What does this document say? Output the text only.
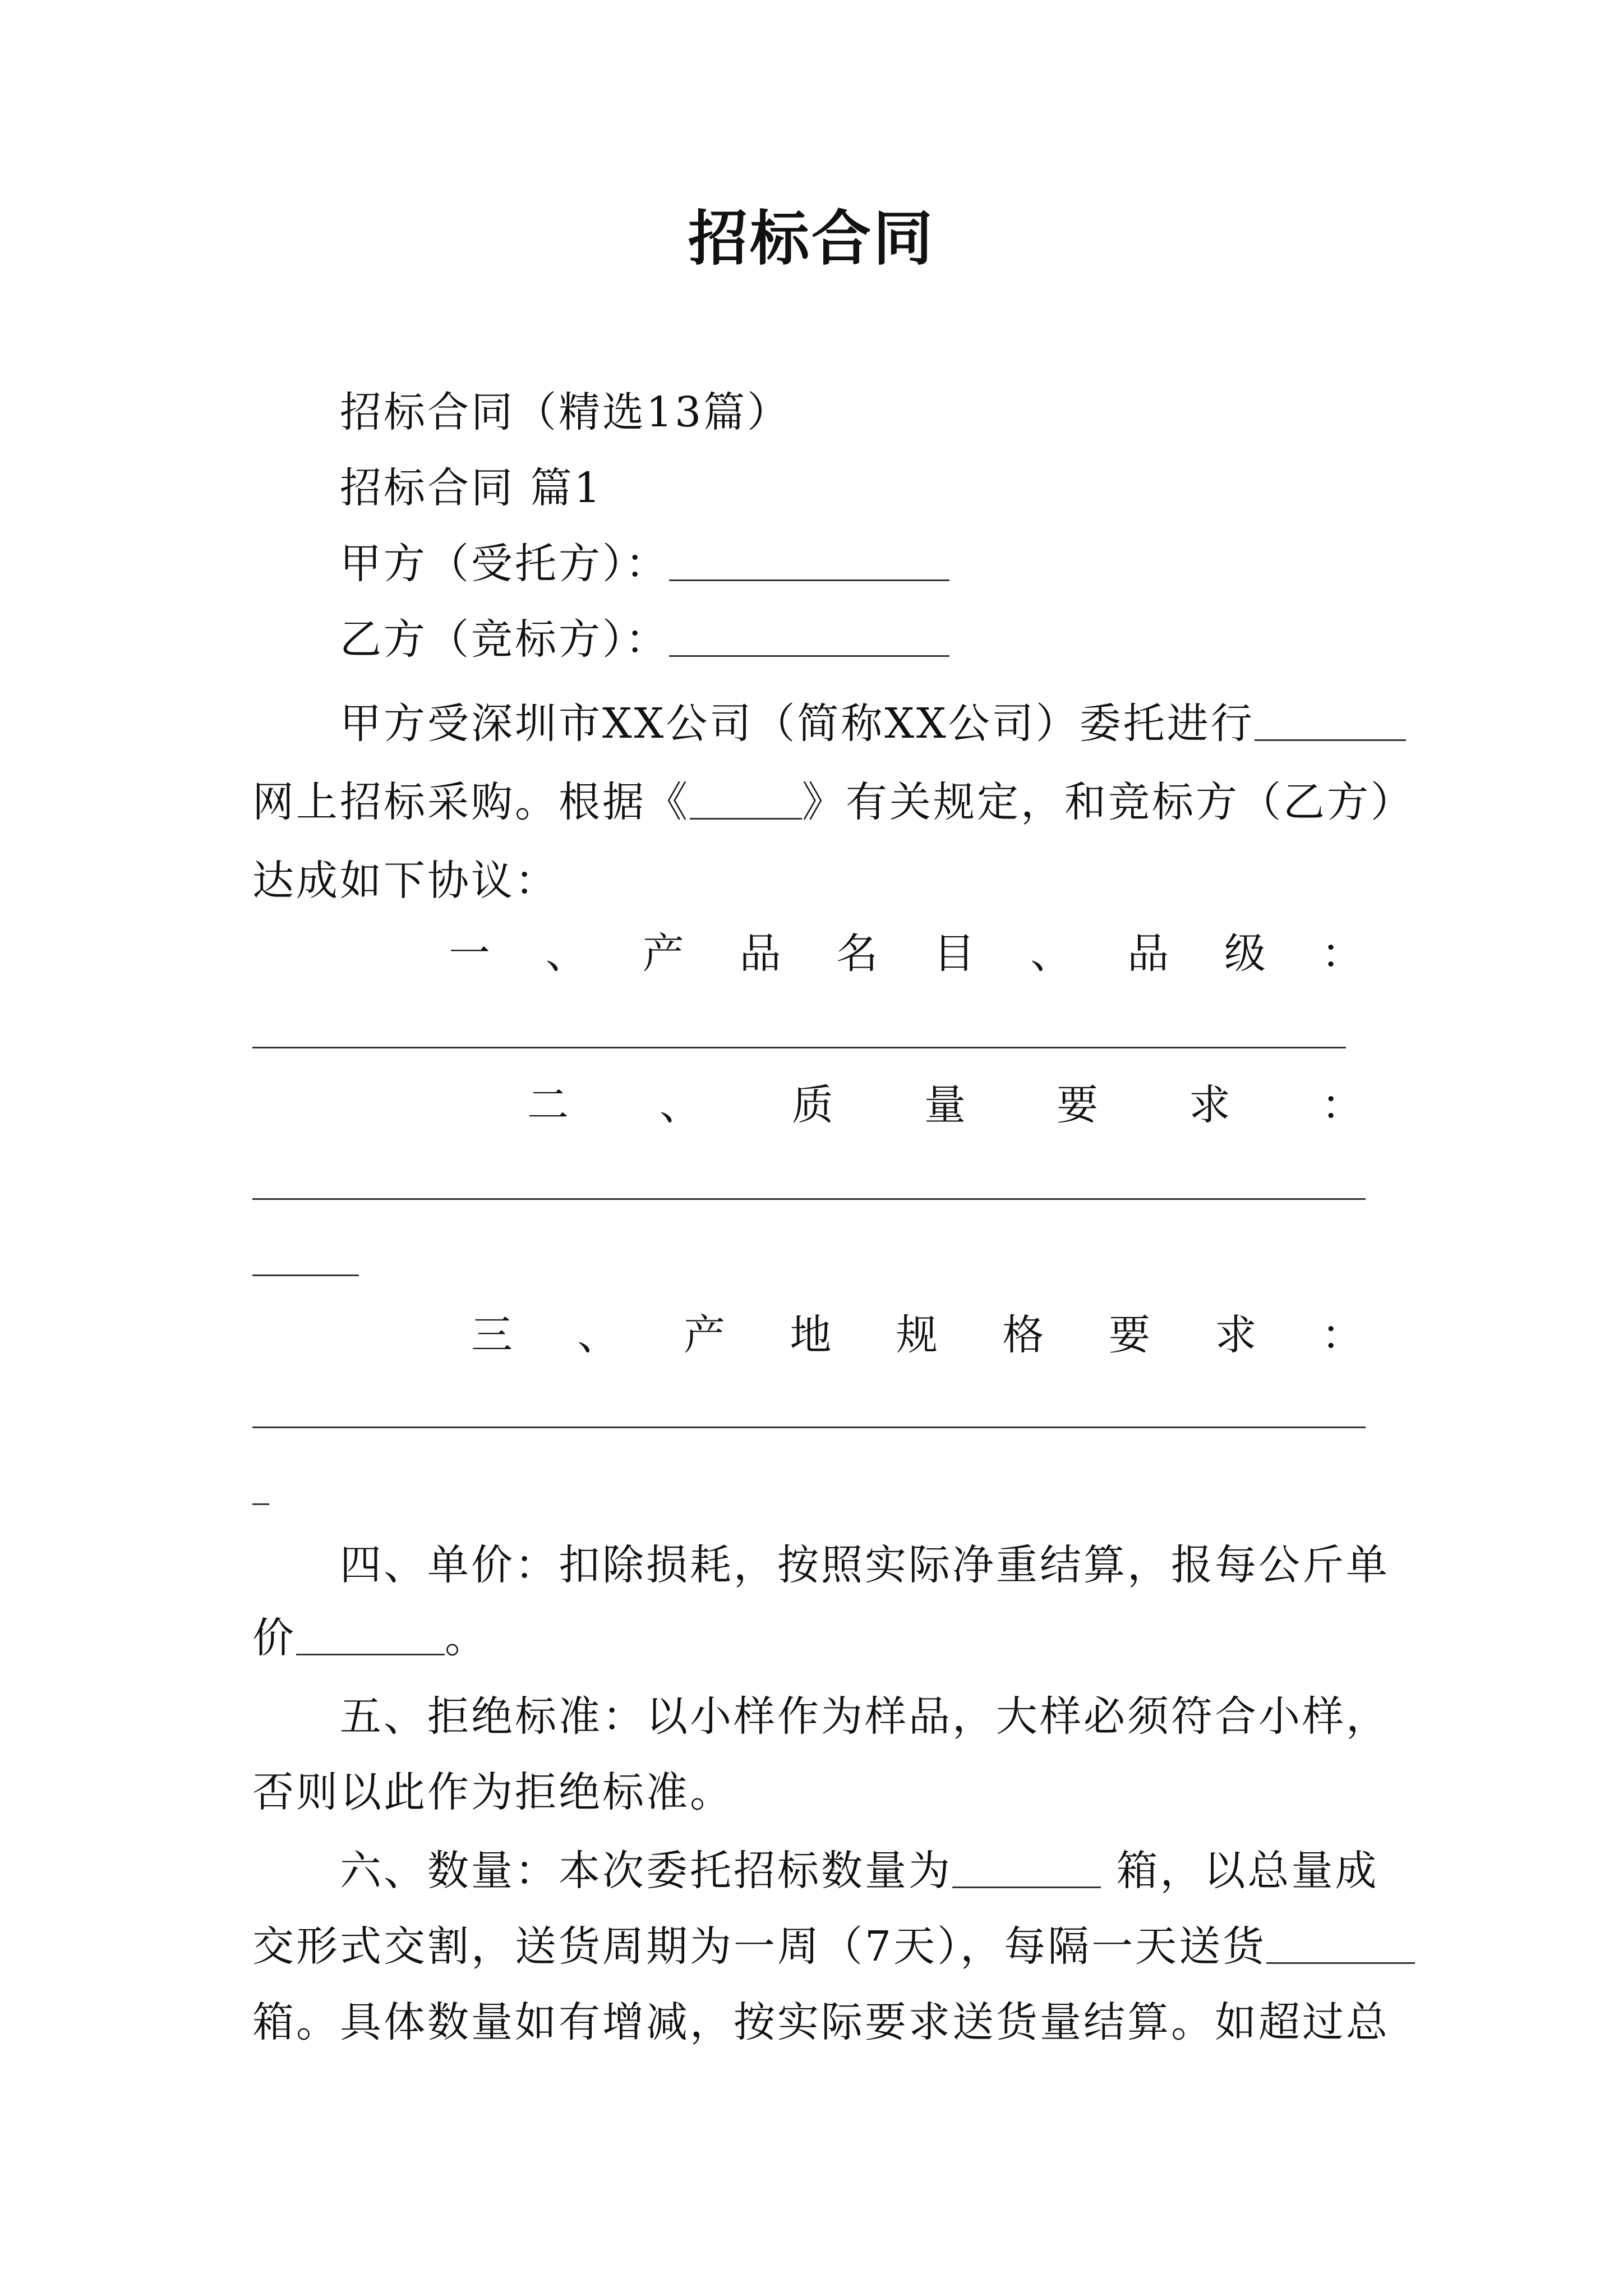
招标合同
招标合同（精选13篇）
招标合同 篇1
甲方（受托方）：
乙方（竞标方）：
甲方受深圳市XX公司（简称XX公司）委托进行
网上招标采购。根据《	》有关规定，和竞标方（乙方）
达成如下协议：
一 、 产 品 名 目 、 品 级 ：
二 、 质 量 要 求 ：
三 、 产 地 规 格 要 求 ：
四、单价：扣除损耗，按照实际净重结算，报每公斤单
价	。
五、拒绝标准：以小样作为样品，大样必须符合小样，
否则以此作为拒绝标准。
六、数量：本次委托招标数量为	箱，以总量成
交形式交割，送货周期为一周（7天），每隔一天送货
箱。具体数量如有增减，按实际要求送货量结算。如超过总
